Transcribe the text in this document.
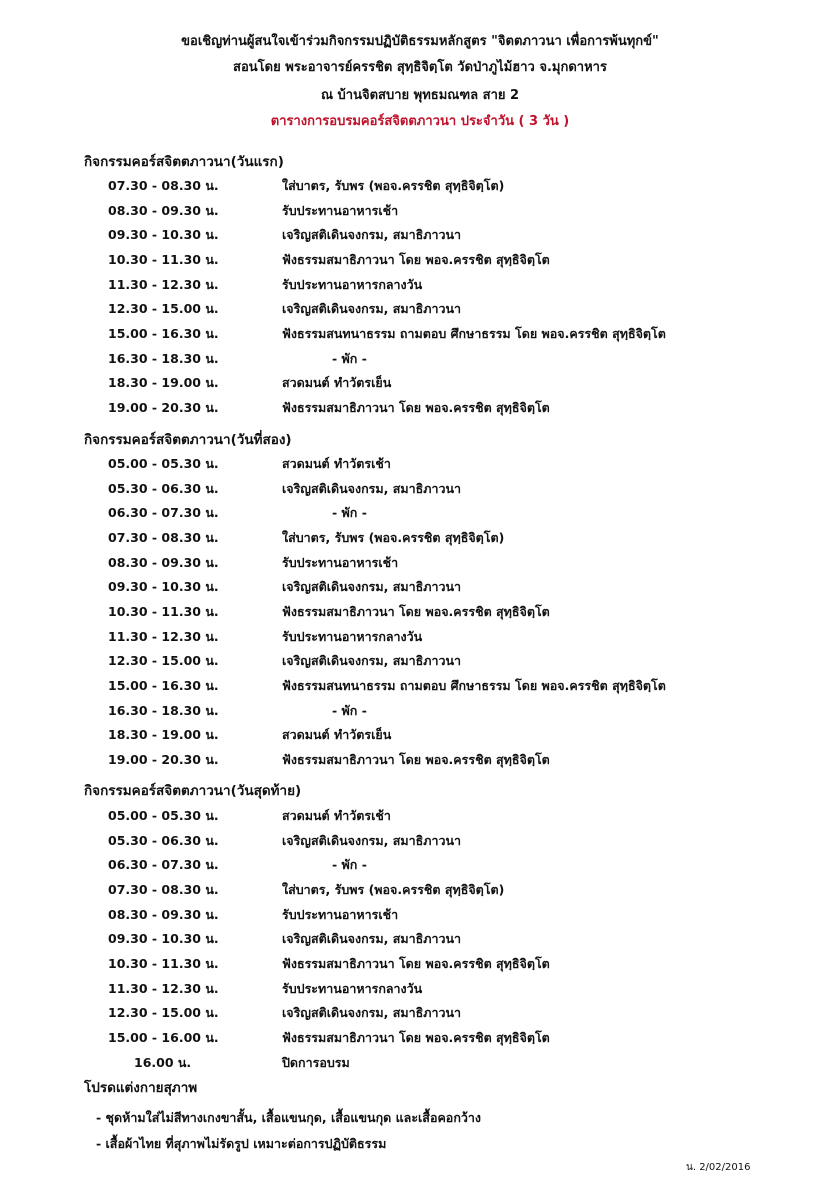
ขอเชิญท่านผู้สนใจเข้าร่วมกิจกรรมปฏิบัติธรรมหลักสูตร "จิตตภาวนา เพื่อการพ้นทุกข์"
สอนโดย พระอาจารย์ครรชิต สุทฺธิจิตฺโต วัดป่าภูไม้ฮาว จ.มุกดาหาร
ณ บ้านจิตสบาย พุทธมณฑล สาย 2
ตารางการอบรมคอร์สจิตตภาวนา ประจำวัน ( 3 วัน )
กิจกรรมคอร์สจิตตภาวนา(วันแรก)
07.30 - 08.30 น.	ใส่บาตร, รับพร (พอจ.ครรชิต สุทฺธิจิตฺโต)
08.30 - 09.30 น.	รับประทานอาหารเช้า
09.30 - 10.30 น.	เจริญสติเดินจงกรม, สมาธิภาวนา
10.30 - 11.30 น.	ฟังธรรมสมาธิภาวนา โดย พอจ.ครรชิต สุทฺธิจิตฺโต
11.30 - 12.30 น.	รับประทานอาหารกลางวัน
12.30 - 15.00 น.	เจริญสติเดินจงกรม, สมาธิภาวนา
15.00 - 16.30 น.	ฟังธรรมสนทนาธรรม ถามตอบ ศึกษาธรรม โดย พอจ.ครรชิต สุทฺธิจิตฺโต
16.30 - 18.30 น.	- พัก -
18.30 - 19.00 น.	สวดมนต์ ทำวัตรเย็น
19.00 - 20.30 น.	ฟังธรรมสมาธิภาวนา โดย พอจ.ครรชิต สุทฺธิจิตฺโต
กิจกรรมคอร์สจิตตภาวนา(วันที่สอง)
05.00 - 05.30 น.	สวดมนต์ ทำวัตรเช้า
05.30 - 06.30 น.	เจริญสติเดินจงกรม, สมาธิภาวนา
06.30 - 07.30 น.	- พัก -
07.30 - 08.30 น.	ใส่บาตร, รับพร (พอจ.ครรชิต สุทฺธิจิตฺโต)
08.30 - 09.30 น.	รับประทานอาหารเช้า
09.30 - 10.30 น.	เจริญสติเดินจงกรม, สมาธิภาวนา
10.30 - 11.30 น.	ฟังธรรมสมาธิภาวนา โดย พอจ.ครรชิต สุทฺธิจิตฺโต
11.30 - 12.30 น.	รับประทานอาหารกลางวัน
12.30 - 15.00 น.	เจริญสติเดินจงกรม, สมาธิภาวนา
15.00 - 16.30 น.	ฟังธรรมสนทนาธรรม ถามตอบ ศึกษาธรรม โดย พอจ.ครรชิต สุทฺธิจิตฺโต
16.30 - 18.30 น.	- พัก -
18.30 - 19.00 น.	สวดมนต์ ทำวัตรเย็น
19.00 - 20.30 น.	ฟังธรรมสมาธิภาวนา โดย พอจ.ครรชิต สุทฺธิจิตฺโต
กิจกรรมคอร์สจิตตภาวนา(วันสุดท้าย)
05.00 - 05.30 น.	สวดมนต์ ทำวัตรเช้า
05.30 - 06.30 น.	เจริญสติเดินจงกรม, สมาธิภาวนา
06.30 - 07.30 น.	- พัก -
07.30 - 08.30 น.	ใส่บาตร, รับพร (พอจ.ครรชิต สุทฺธิจิตฺโต)
08.30 - 09.30 น.	รับประทานอาหารเช้า
09.30 - 10.30 น.	เจริญสติเดินจงกรม, สมาธิภาวนา
10.30 - 11.30 น.	ฟังธรรมสมาธิภาวนา โดย พอจ.ครรชิต สุทฺธิจิตฺโต
11.30 - 12.30 น.	รับประทานอาหารกลางวัน
12.30 - 15.00 น.	เจริญสติเดินจงกรม, สมาธิภาวนา
15.00 - 16.00 น.	ฟังธรรมสมาธิภาวนา โดย พอจ.ครรชิต สุทฺธิจิตฺโต
16.00 น.	ปิดการอบรม
โปรดแต่งกายสุภาพ
- ชุดห้ามใส่ไม่สีทางเกงขาสั้น, เสื้อแขนกุด, เสื้อแขนกุด และเสื้อคอกว้าง
- เสื้อผ้าไทย ที่สุภาพไม่รัดรูป เหมาะต่อการปฏิบัติธรรม
น. 2/02/2016
